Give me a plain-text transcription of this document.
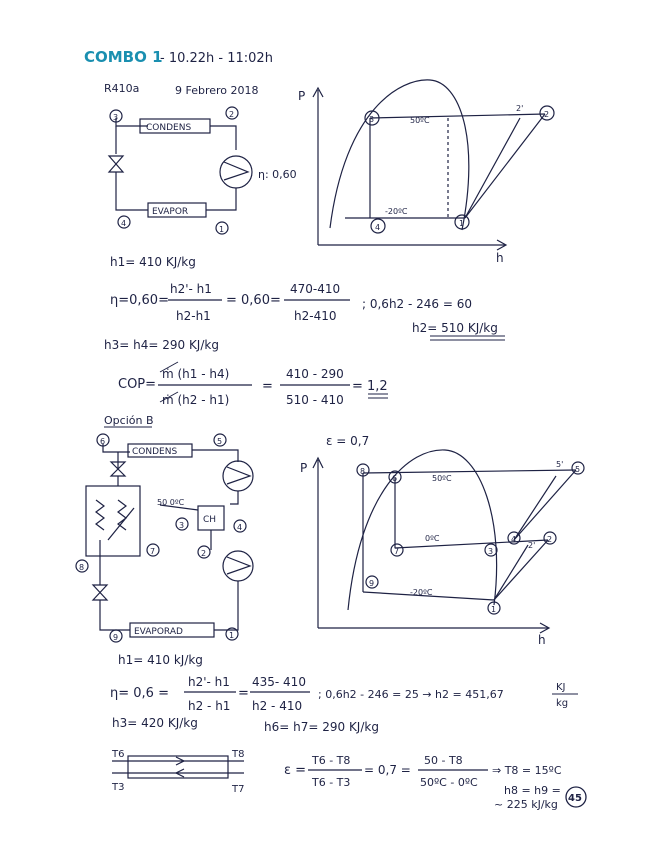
COMBO 1
- 10.22h - 11:02h
R410a	9 Febrero 2018
CONDENS
EVAPOR
η: 0,60
3	2
4
1
P
h
50ºC
-20ºC
2'
3
2
4	1
h1= 410 KJ/kg
η=0,60=
h2'- h1
h2-h1
= 0,60=
470-410
h2-410
; 0,6h2 - 246 = 60
h2= 510 KJ/kg
h3= h4= 290 KJ/kg
COP=
ṁ (h1 - h4)
ṁ (h2 - h1)
=
410 - 290
510 - 410
= 1,2
Opción B
CONDENS
EVAPORAD
CH
50 0ºC
6	5
3	4
2
7
8
9	1
ε = 0,7
P
h
50ºC
0ºC
-20ºC
5'
2'
8
6
5
7	3
4	2
9
1
h1= 410 kJ/kg
η= 0,6 =
h2'- h1
h2 - h1
=
435- 410
h2 - 410
; 0,6h2 - 246 = 25 → h2 = 451,67
KJ
kg
h3= 420 KJ/kg	h6= h7= 290 KJ/kg
T6	T8
T3	T7
ε =
T6 - T8
T6 - T3
= 0,7 =
50 - T8
50ºC - 0ºC
⇒ T8 = 15ºC
h8 = h9 =
~ 225 kJ/kg 45
